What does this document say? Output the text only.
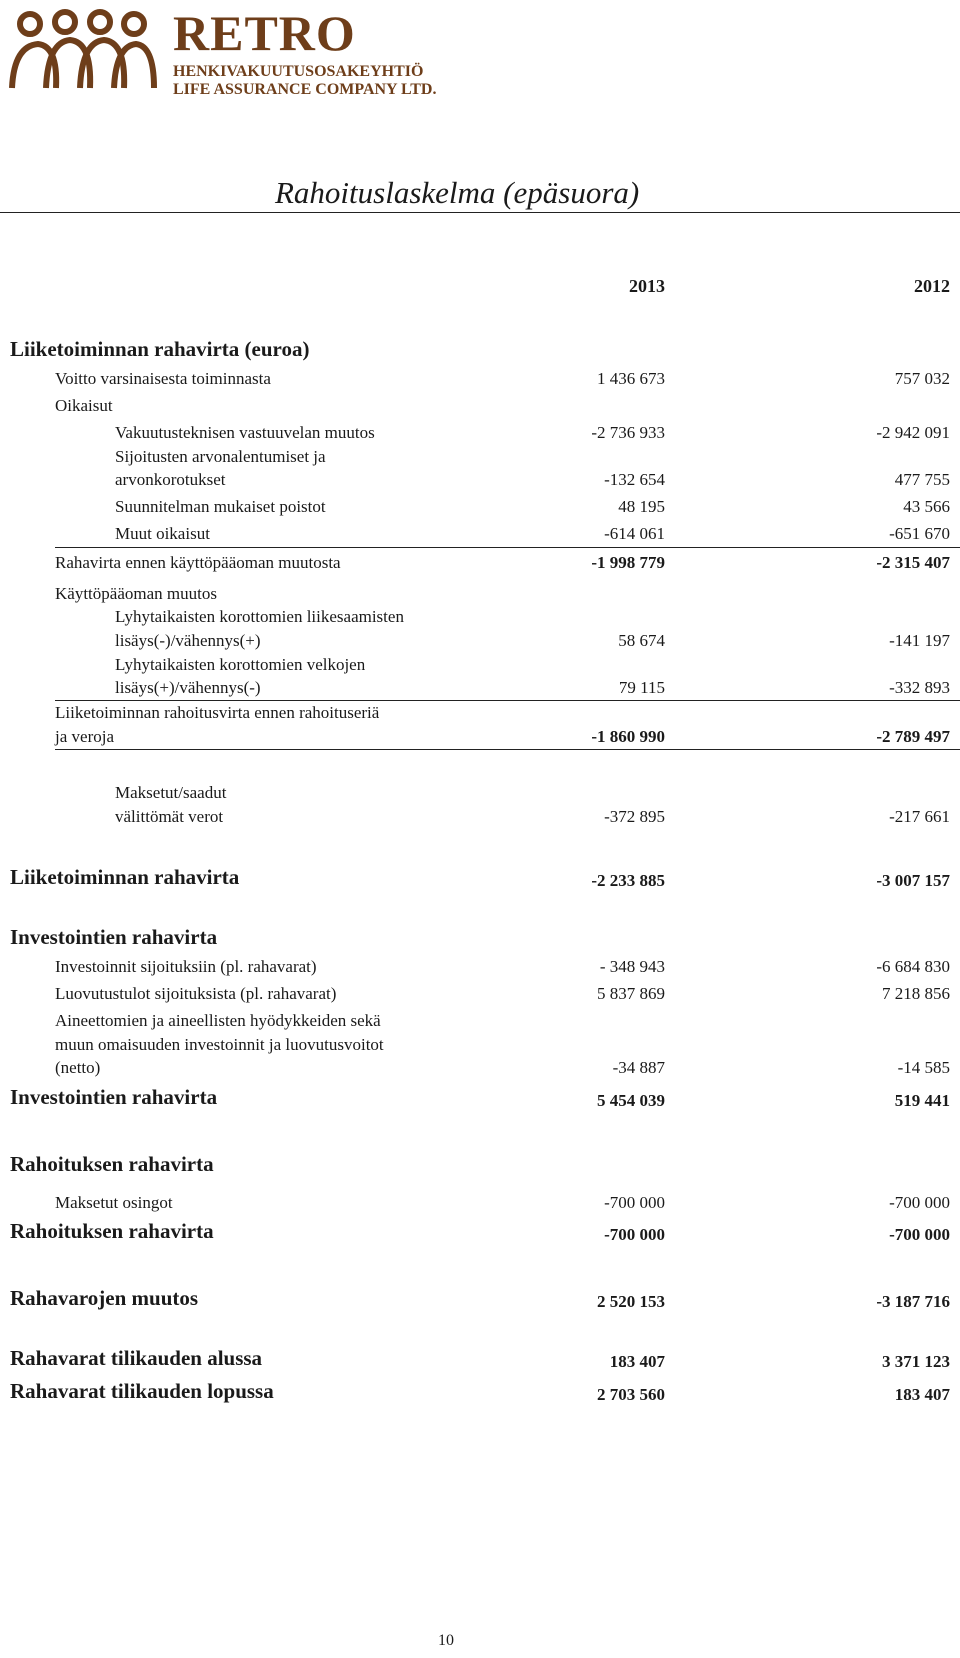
RETRO
HENKIVAKUUTUSOSAKEYHTIÖ
LIFE ASSURANCE COMPANY LTD.
Rahoituslaskelma (epäsuora)
2013	2012
Liiketoiminnan rahavirta (euroa)
Voitto varsinaisesta toiminnasta	1 436 673	757 032
Oikaisut
Vakuutusteknisen vastuuvelan muutos	-2 736 933	-2 942 091
Sijoitusten arvonalentumiset ja
arvonkorotukset	-132 654	477 755
Suunnitelman mukaiset poistot	48 195	43 566
Muut oikaisut	-614 061	-651 670
Rahavirta ennen käyttöpääoman muutosta	-1 998 779	-2 315 407
Käyttöpääoman muutos
Lyhytaikaisten korottomien liikesaamisten
lisäys(-)/vähennys(+)	58 674	-141 197
Lyhytaikaisten korottomien velkojen
lisäys(+)/vähennys(-)	79 115	-332 893
Liiketoiminnan rahoitusvirta ennen rahoituseriä
ja veroja	-1 860 990	-2 789 497
Maksetut/saadut
välittömät verot	-372 895	-217 661
Liiketoiminnan rahavirta	-2 233 885	-3 007 157
Investointien rahavirta
Investoinnit sijoituksiin (pl. rahavarat)	- 348 943	-6 684 830
Luovutustulot sijoituksista (pl. rahavarat)	5 837 869	7 218 856
Aineettomien ja aineellisten hyödykkeiden sekä
muun omaisuuden investoinnit ja luovutusvoitot
(netto)	-34 887	-14 585
Investointien rahavirta	5 454 039	519 441
Rahoituksen rahavirta
Maksetut osingot	-700 000	-700 000
Rahoituksen rahavirta	-700 000	-700 000
Rahavarojen muutos	2 520 153	-3 187 716
Rahavarat tilikauden alussa	183 407	3 371 123
Rahavarat tilikauden lopussa	2 703 560	183 407
10
